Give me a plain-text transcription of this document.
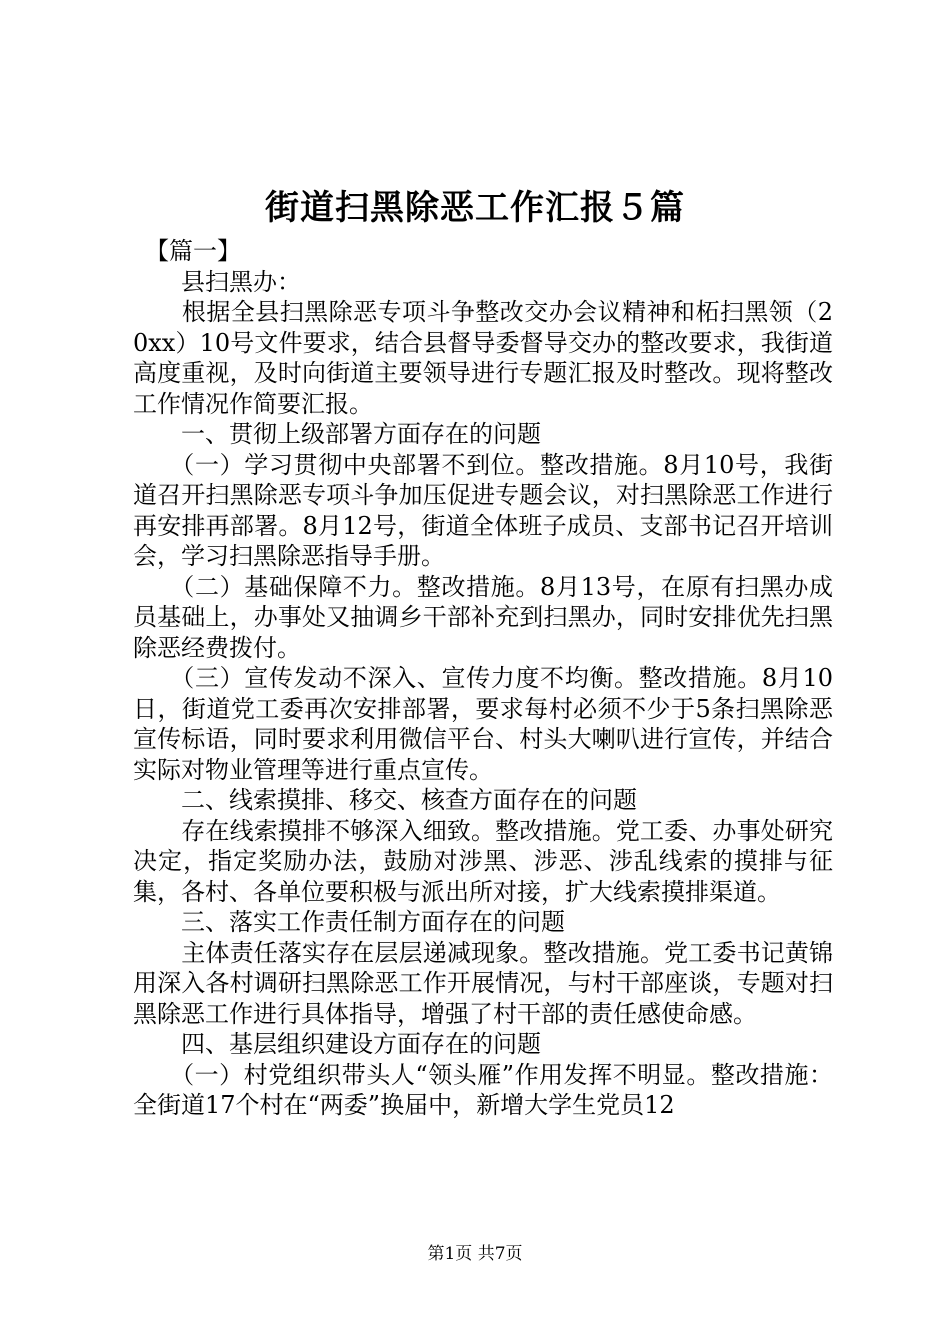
街道扫黑除恶工作汇报５篇

　【篇一】

　　县扫黑办：

　　根据全县扫黑除恶专项斗争整改交办会议精神和柘扫黑领（20xx）10号文件要求，结合县督导委督导交办的整改要求，我街道高度重视，及时向街道主要领导进行专题汇报及时整改。现将整改工作情况作简要汇报。

　　一、贯彻上级部署方面存在的问题

　　（一）学习贯彻中央部署不到位。整改措施。8月10号，我街道召开扫黑除恶专项斗争加压促进专题会议，对扫黑除恶工作进行再安排再部署。8月12号，街道全体班子成员、支部书记召开培训会，学习扫黑除恶指导手册。

　　（二）基础保障不力。整改措施。8月13号，在原有扫黑办成员基础上，办事处又抽调乡干部补充到扫黑办，同时安排优先扫黑除恶经费拨付。

　　（三）宣传发动不深入、宣传力度不均衡。整改措施。8月10日，街道党工委再次安排部署，要求每村必须不少于5条扫黑除恶宣传标语，同时要求利用微信平台、村头大喇叭进行宣传，并结合实际对物业管理等进行重点宣传。

　　二、线索摸排、移交、核查方面存在的问题

　　存在线索摸排不够深入细致。整改措施。党工委、办事处研究决定，指定奖励办法，鼓励对涉黑、涉恶、涉乱线索的摸排与征集，各村、各单位要积极与派出所对接，扩大线索摸排渠道。

　　三、落实工作责任制方面存在的问题

　　主体责任落实存在层层递减现象。整改措施。党工委书记黄锦用深入各村调研扫黑除恶工作开展情况，与村干部座谈，专题对扫黑除恶工作进行具体指导，增强了村干部的责任感使命感。

　　四、基层组织建设方面存在的问题

　　（一）村党组织带头人“领头雁”作用发挥不明显。整改措施：全街道17个村在“两委”换届中，新增大学生党员12

第1页 共7页
